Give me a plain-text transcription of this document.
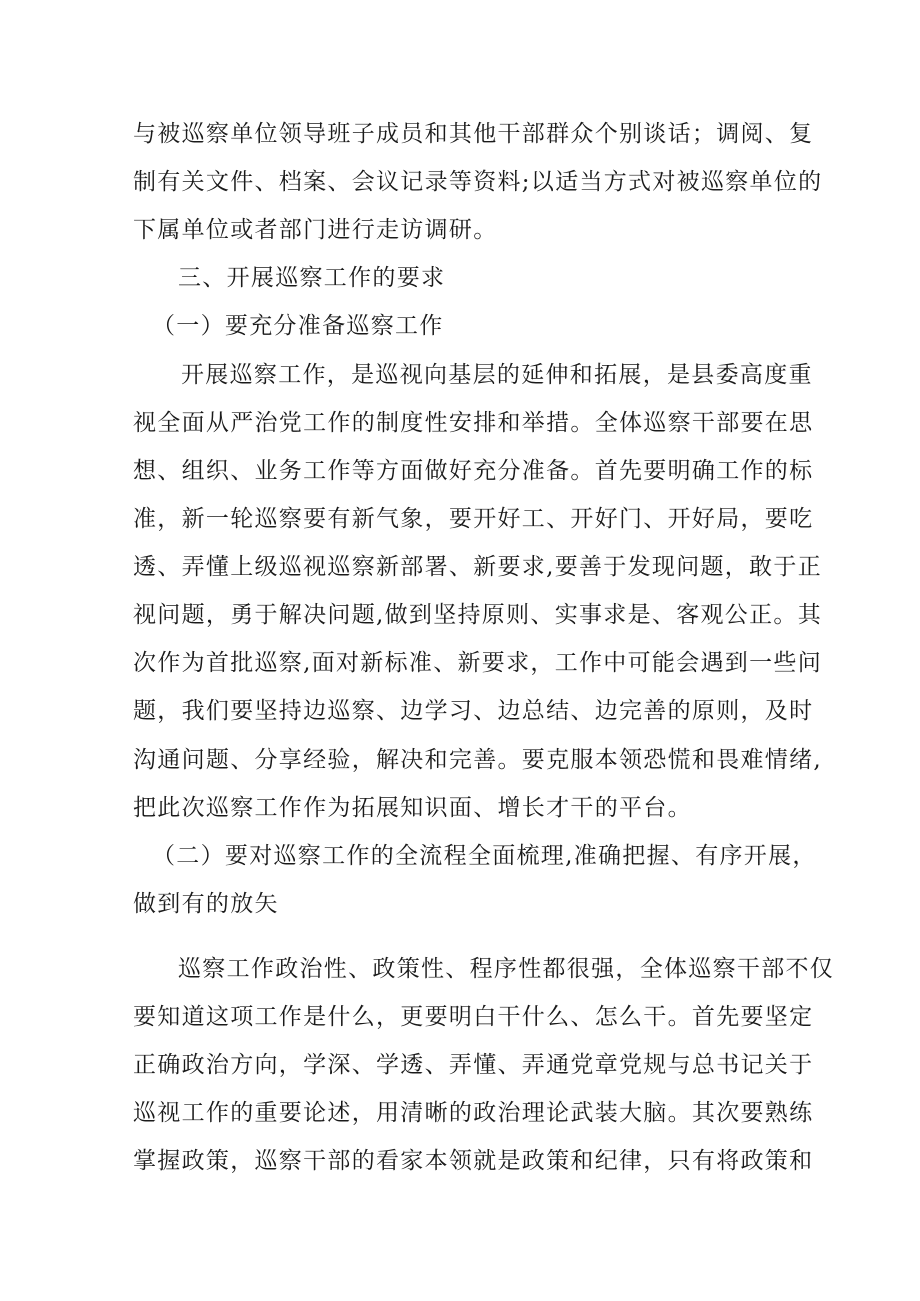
与被巡察单位领导班子成员和其他干部群众个别谈话；调阅、复
制有关文件、档案、会议记录等资料;以适当方式对被巡察单位的
下属单位或者部门进行走访调研。
三、开展巡察工作的要求
（一）要充分准备巡察工作
开展巡察工作，是巡视向基层的延伸和拓展，是县委高度重
视全面从严治党工作的制度性安排和举措。全体巡察干部要在思
想、组织、业务工作等方面做好充分准备。首先要明确工作的标
准，新一轮巡察要有新气象，要开好工、开好门、开好局，要吃
透、弄懂上级巡视巡察新部署、新要求,要善于发现问题，敢于正
视问题，勇于解决问题,做到坚持原则、实事求是、客观公正。其
次作为首批巡察,面对新标准、新要求，工作中可能会遇到一些问
题，我们要坚持边巡察、边学习、边总结、边完善的原则，及时
沟通问题、分享经验，解决和完善。要克服本领恐慌和畏难情绪,
把此次巡察工作作为拓展知识面、增长才干的平台。
（二）要对巡察工作的全流程全面梳理,准确把握、有序开展，
做到有的放矢
巡察工作政治性、政策性、程序性都很强，全体巡察干部不仅
要知道这项工作是什么，更要明白干什么、怎么干。首先要坚定
正确政治方向，学深、学透、弄懂、弄通党章党规与总书记关于
巡视工作的重要论述，用清晰的政治理论武装大脑。其次要熟练
掌握政策，巡察干部的看家本领就是政策和纪律，只有将政策和
